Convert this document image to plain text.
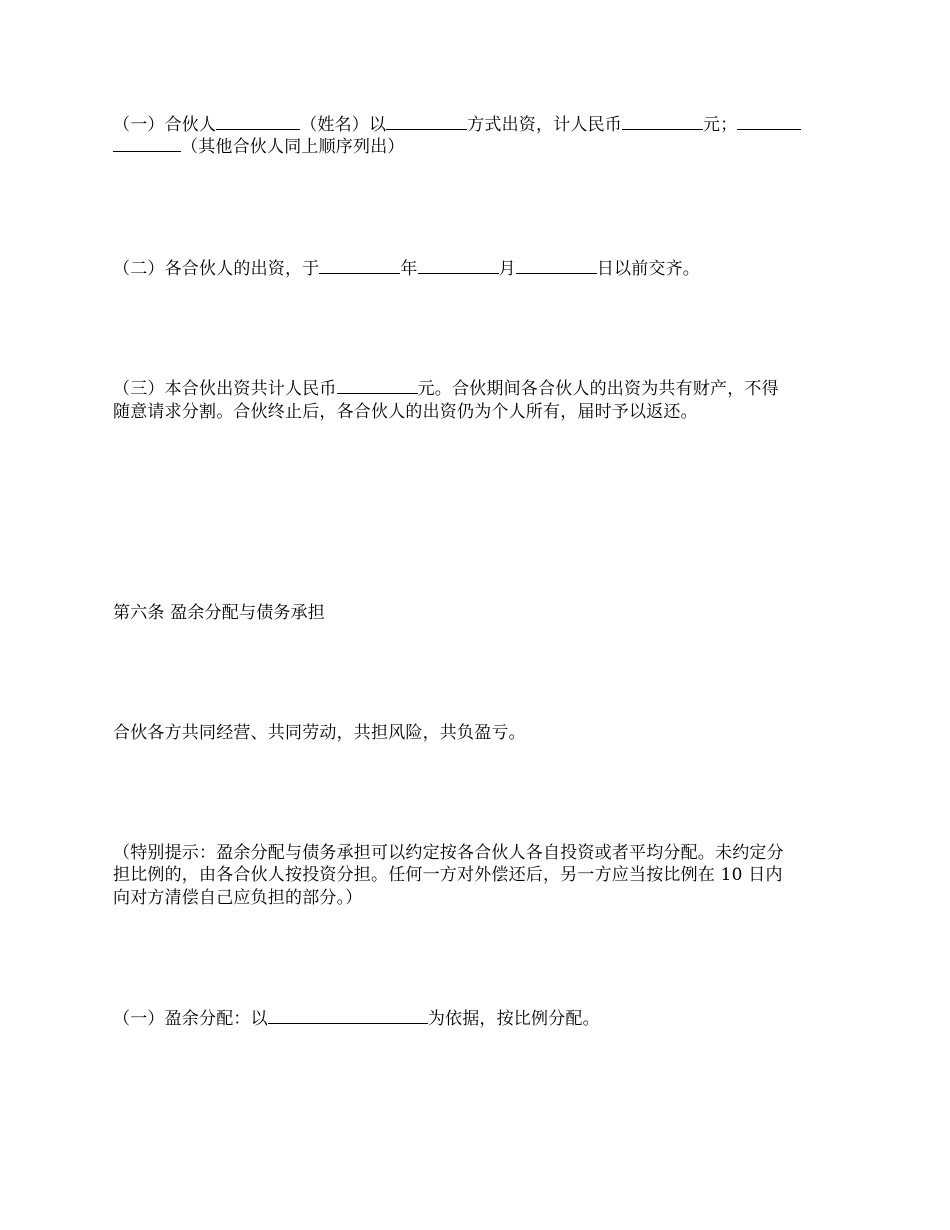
（一）合伙人	（姓名）以	方式出资，计人民币	元；
（其他合伙人同上顺序列出）
（二）各合伙人的出资，于	年	月	日以前交齐。
（三）本合伙出资共计人民币	元。合伙期间各合伙人的出资为共有财产，不得
随意请求分割。合伙终止后，各合伙人的出资仍为个人所有，届时予以返还。
第六条 盈余分配与债务承担
合伙各方共同经营、共同劳动，共担风险，共负盈亏。
（特别提示：盈余分配与债务承担可以约定按各合伙人各自投资或者平均分配。未约定分
担比例的，由各合伙人按投资分担。任何一方对外偿还后，另一方应当按比例在 10 日内
向对方清偿自己应负担的部分。）
（一）盈余分配：以	为依据，按比例分配。
